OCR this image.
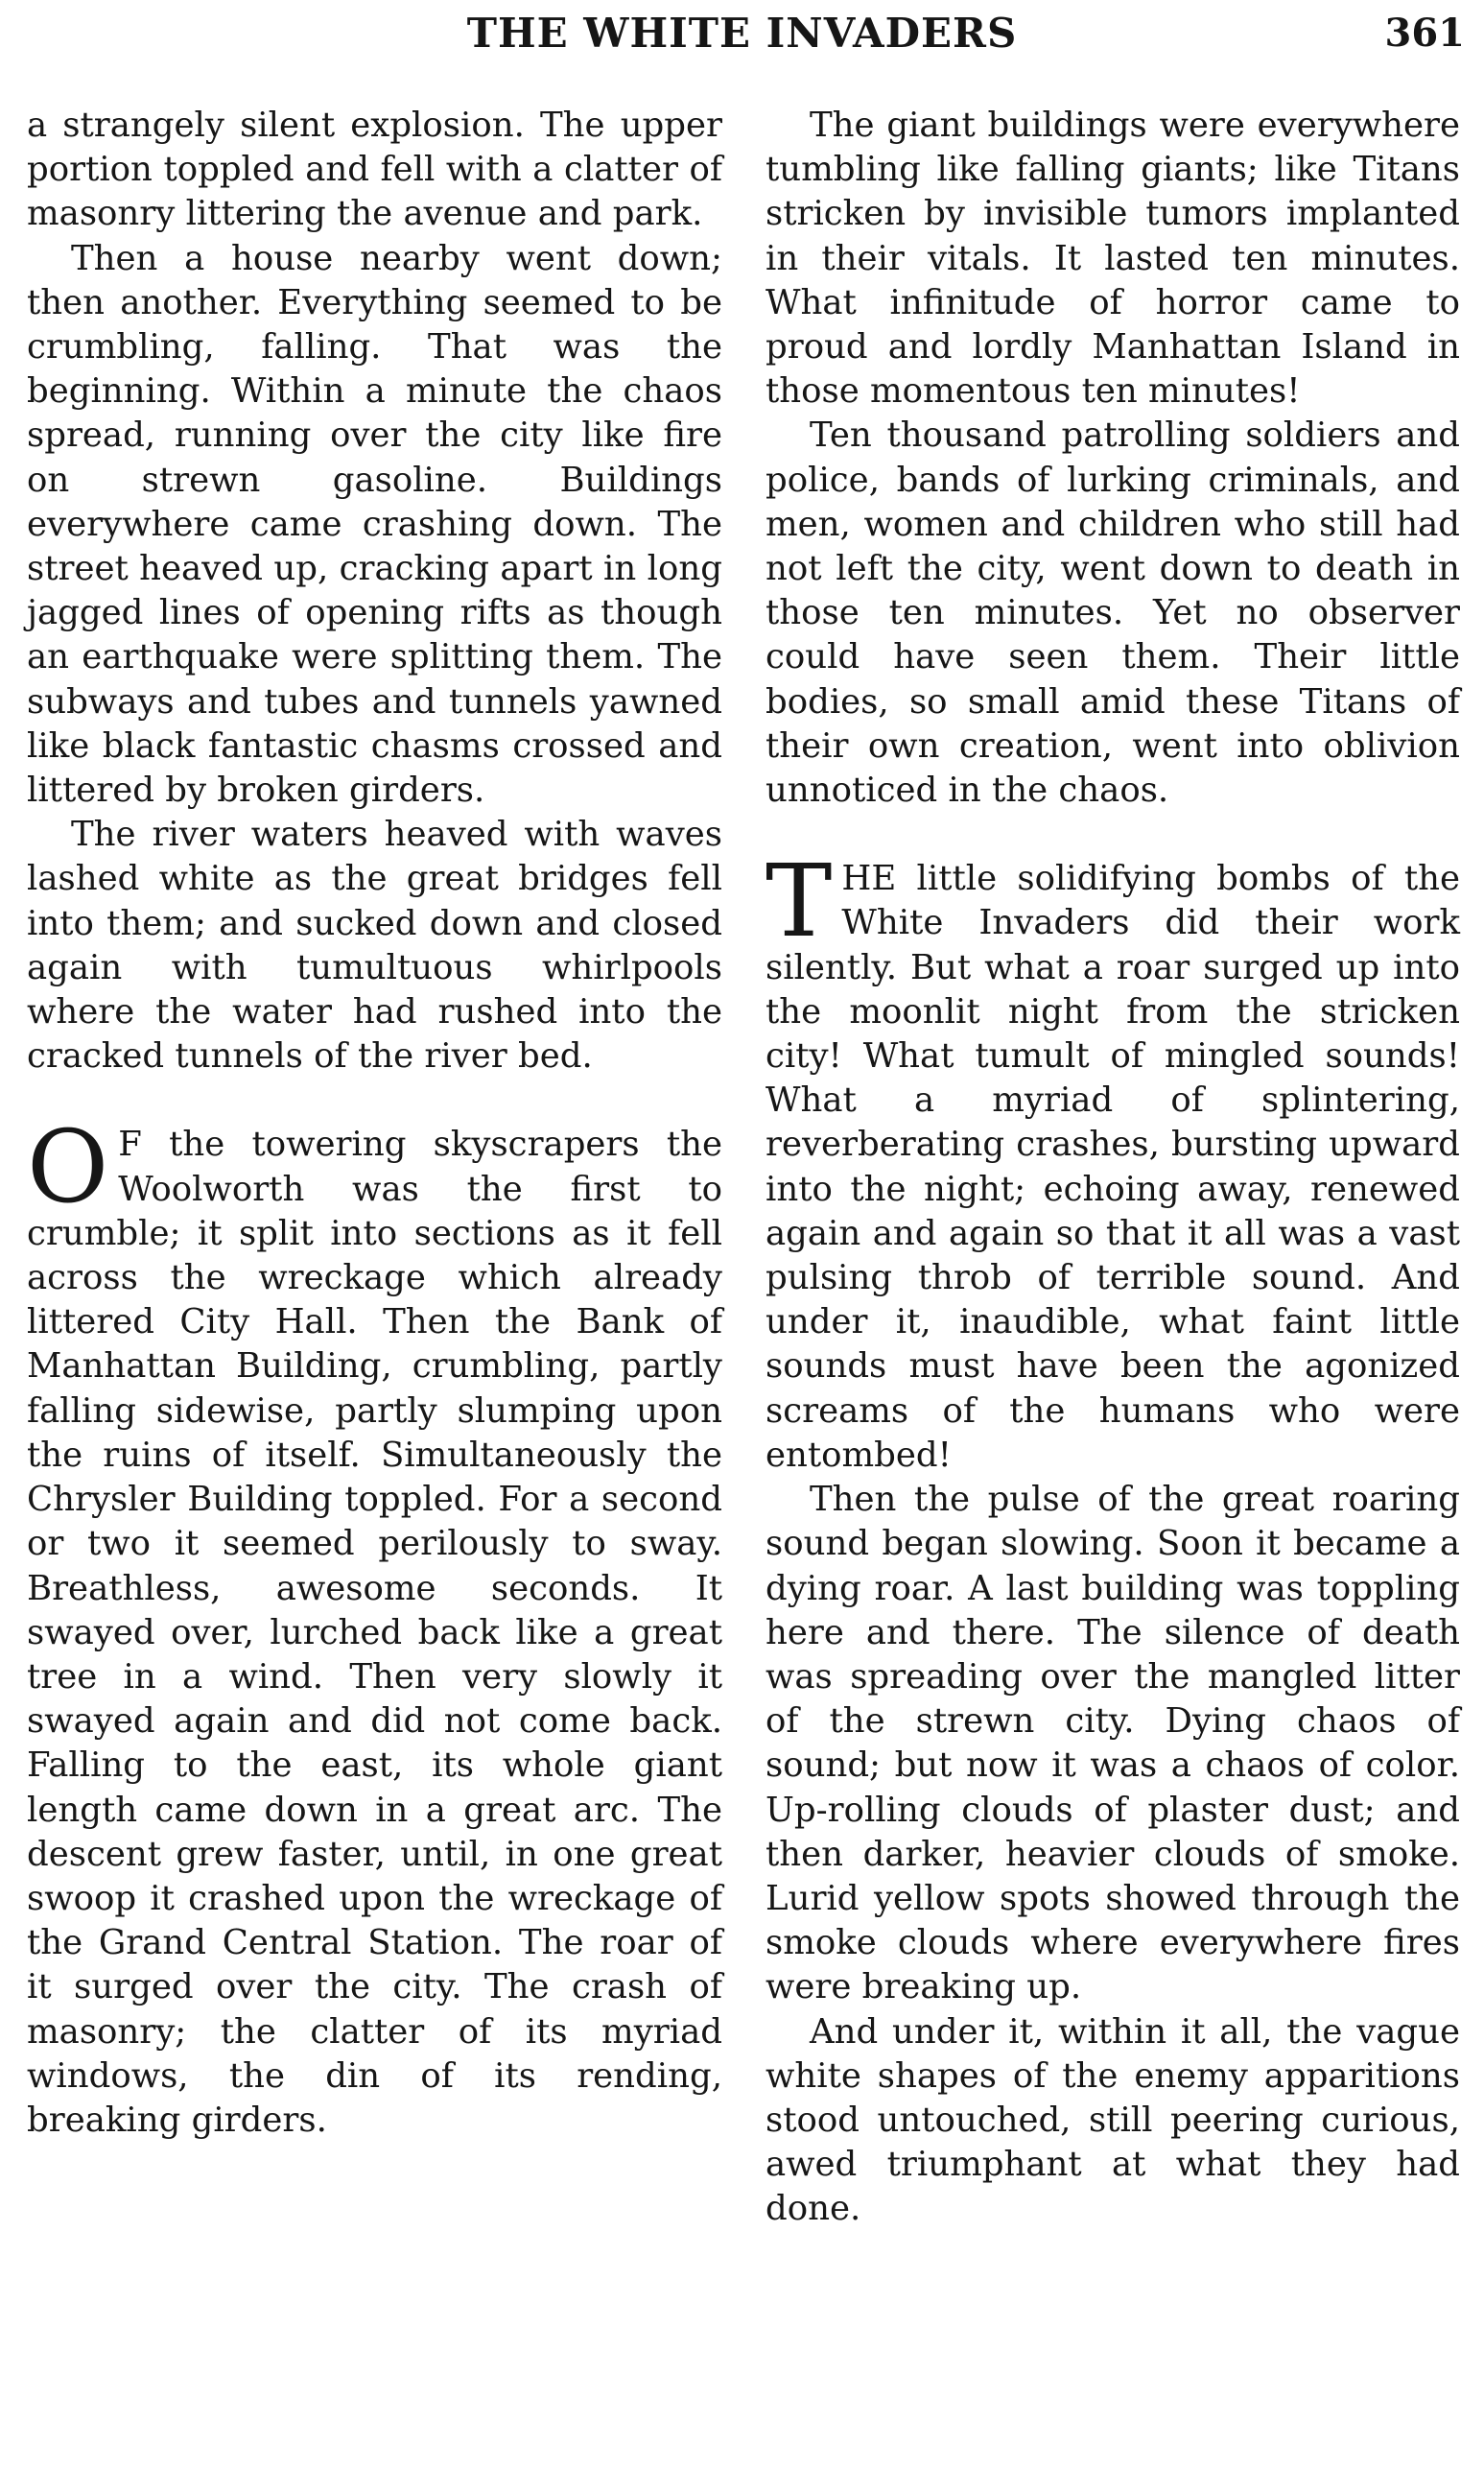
THE WHITE INVADERS	361

a strangely silent explosion. The upper portion toppled and fell with a clatter of masonry littering the avenue and park.

Then a house nearby went down; then another. Everything seemed to be crumbling, falling. That was the beginning. Within a minute the chaos spread, running over the city like fire on strewn gasoline. Buildings everywhere came crashing down. The street heaved up, cracking apart in long jagged lines of opening rifts as though an earthquake were splitting them. The subways and tubes and tunnels yawned like black fantastic chasms crossed and littered by broken girders.

The river waters heaved with waves lashed white as the great bridges fell into them; and sucked down and closed again with tumultuous whirlpools where the water had rushed into the cracked tunnels of the river bed.

O F the towering skyscrapers the Woolworth was the first to crumble; it split into sections as it fell across the wreckage which already littered City Hall. Then the Bank of Manhattan Building, crumbling, partly falling sidewise, partly slumping upon the ruins of itself. Simultaneously the Chrysler Building toppled. For a second or two it seemed perilously to sway. Breathless, awesome seconds. It swayed over, lurched back like a great tree in a wind. Then very slowly it swayed again and did not come back. Falling to the east, its whole giant length came down in a great arc. The descent grew faster, until, in one great swoop it crashed upon the wreckage of the Grand Central Station. The roar of it surged over the city. The crash of masonry; the clatter of its myriad windows, the din of its rending, breaking girders.

The giant buildings were everywhere tumbling like falling giants; like Titans stricken by invisible tumors implanted in their vitals. It lasted ten minutes. What infinitude of horror came to proud and lordly Manhattan Island in those momentous ten minutes!

Ten thousand patrolling soldiers and police, bands of lurking criminals, and men, women and children who still had not left the city, went down to death in those ten minutes. Yet no observer could have seen them. Their little bodies, so small amid these Titans of their own creation, went into oblivion unnoticed in the chaos.

THE little solidifying bombs of the White Invaders did their work silently. But what a roar surged up into the moonlit night from the stricken city! What tumult of mingled sounds! What a myriad of splintering, reverberating crashes, bursting upward into the night; echoing away, renewed again and again so that it all was a vast pulsing throb of terrible sound. And under it, inaudible, what faint little sounds must have been the agonized screams of the humans who were entombed!

Then the pulse of the great roaring sound began slowing. Soon it became a dying roar. A last building was toppling here and there. The silence of death was spreading over the mangled litter of the strewn city. Dying chaos of sound; but now it was a chaos of color. Up-rolling clouds of plaster dust; and then darker, heavier clouds of smoke. Lurid yellow spots showed through the smoke clouds where everywhere fires were breaking up.

And under it, within it all, the vague white shapes of the enemy apparitions stood untouched, still peering curious, awed triumphant at what they had done.
